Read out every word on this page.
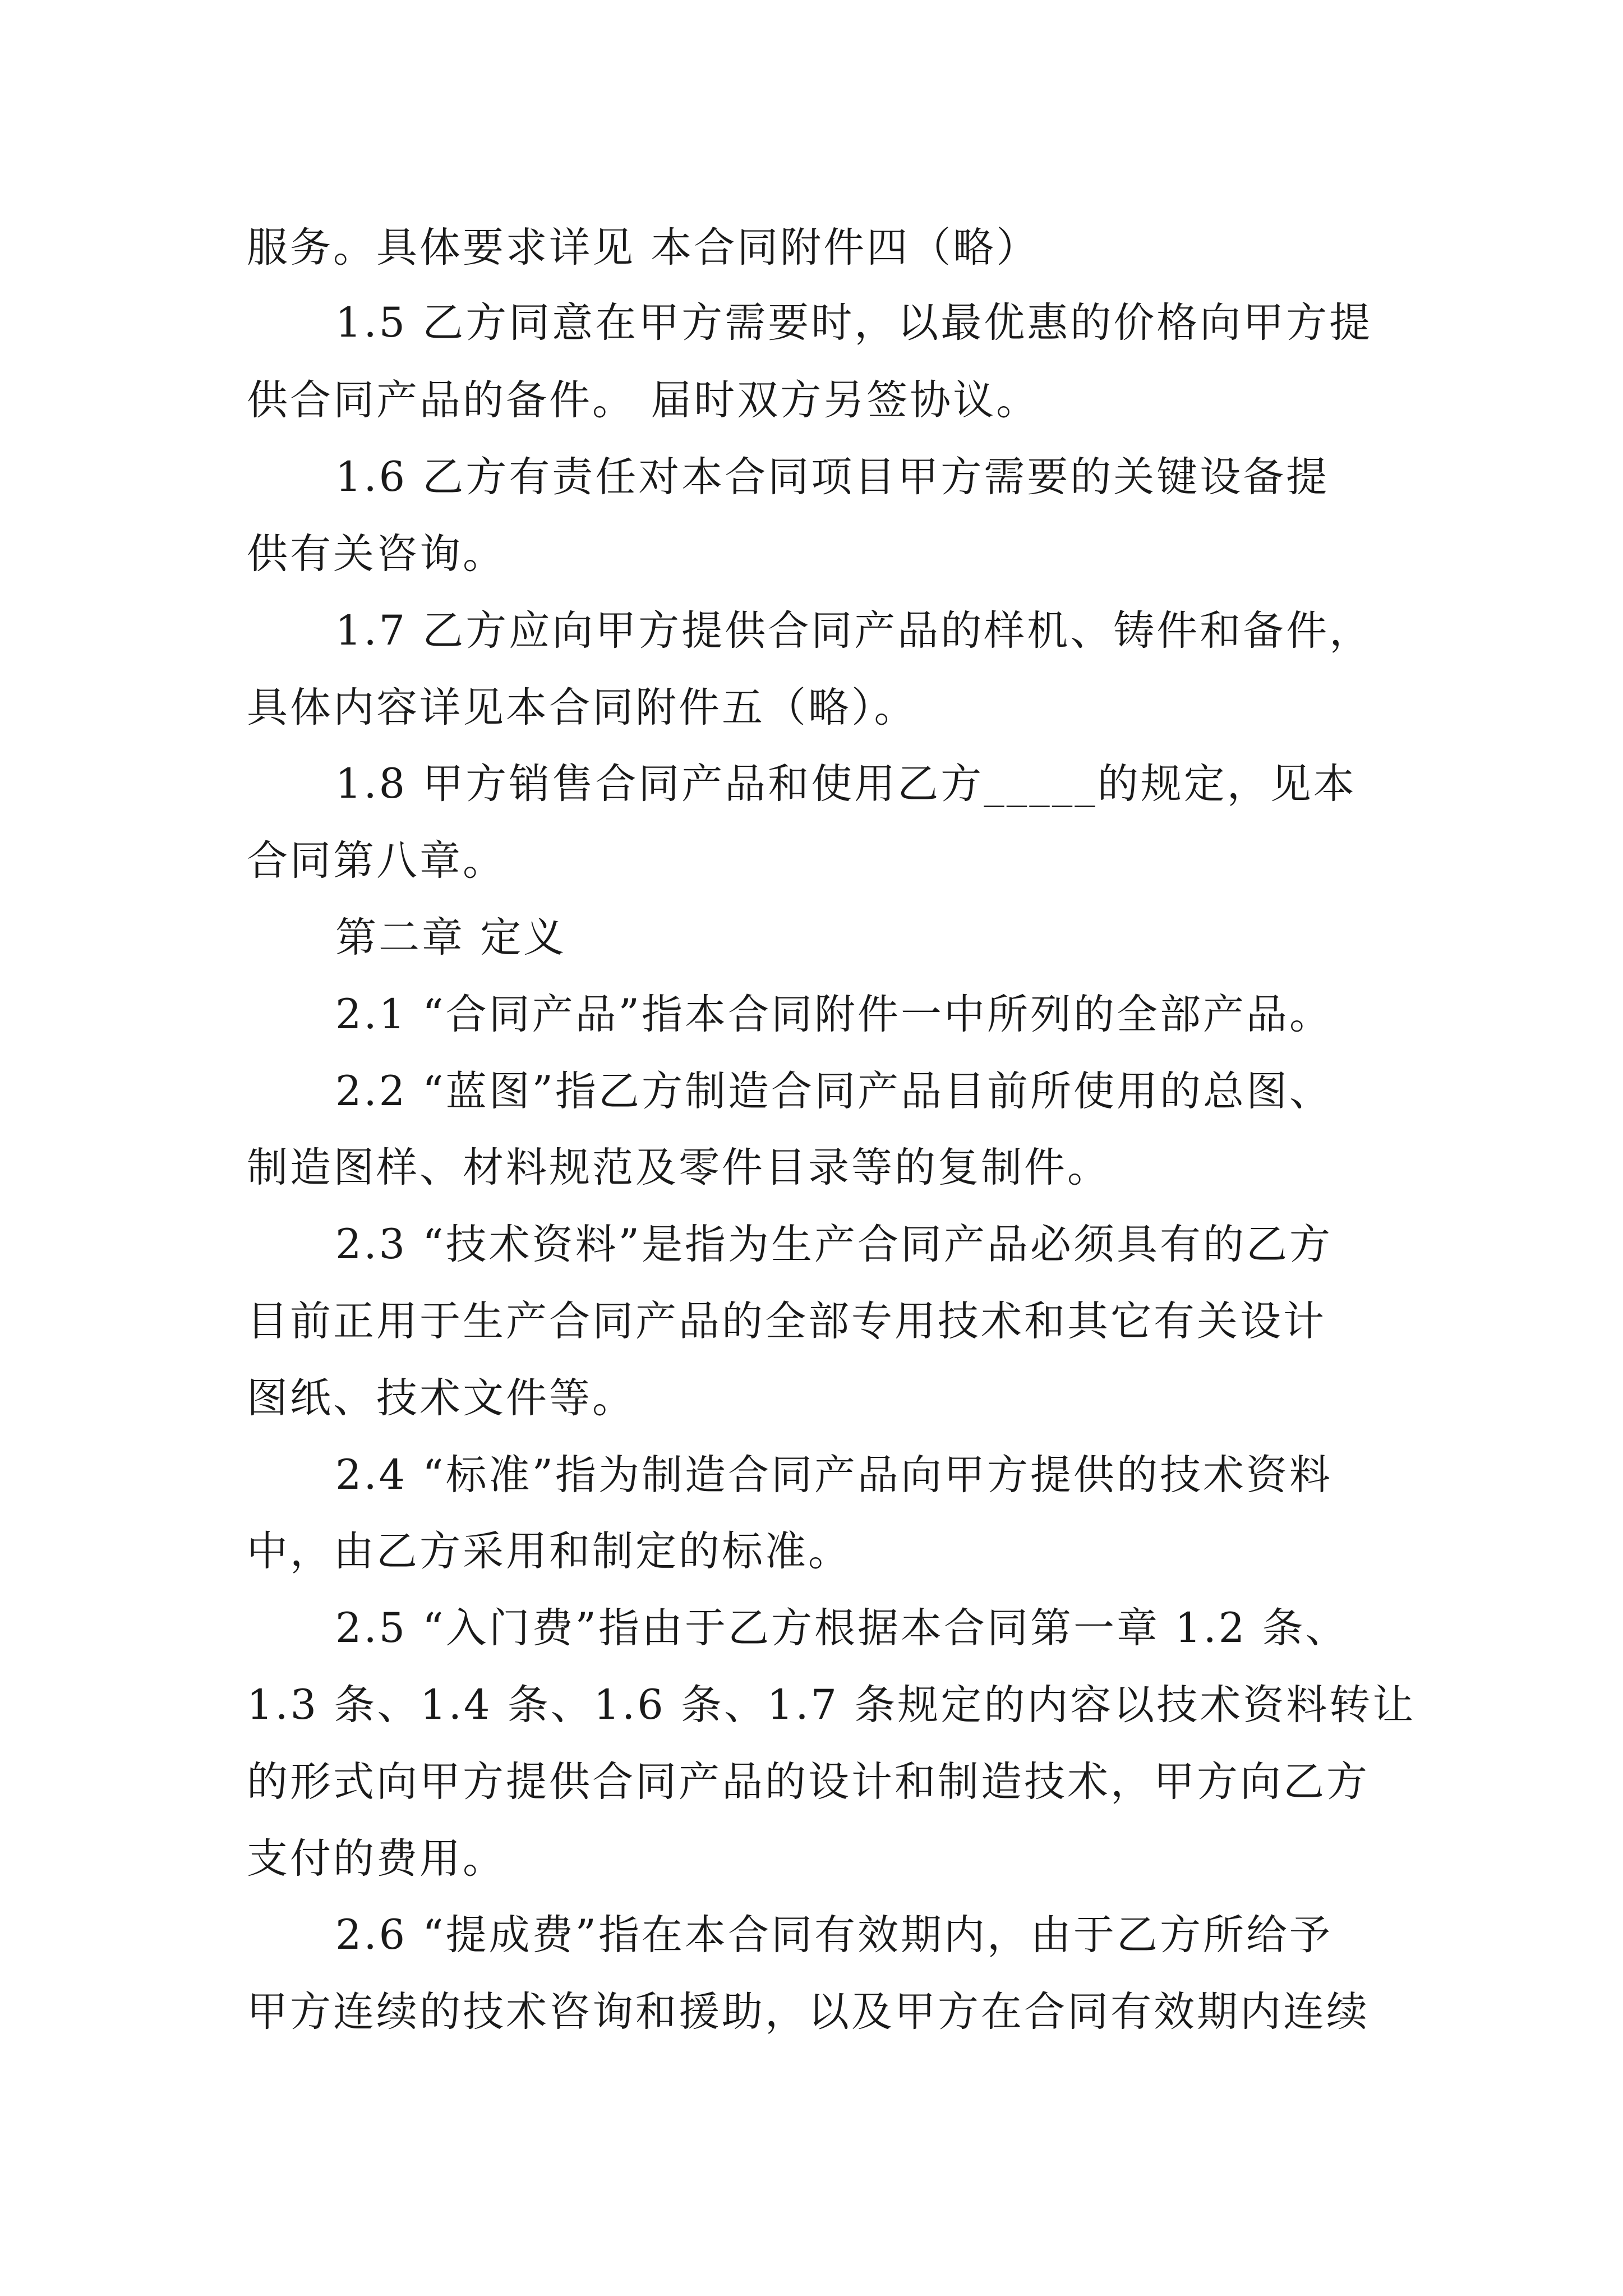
服务。具体要求详见 本合同附件四（略）
1.5 乙方同意在甲方需要时，以最优惠的价格向甲方提
供合同产品的备件。 届时双方另签协议。
1.6 乙方有责任对本合同项目甲方需要的关键设备提
供有关咨询。
1.7 乙方应向甲方提供合同产品的样机、铸件和备件，
具体内容详见本合同附件五（略）。
1.8 甲方销售合同产品和使用乙方_____的规定，见本
合同第八章。
第二章 定义
2.1 “合同产品”指本合同附件一中所列的全部产品。
2.2 “蓝图”指乙方制造合同产品目前所使用的总图、
制造图样、材料规范及零件目录等的复制件。
2.3 “技术资料”是指为生产合同产品必须具有的乙方
目前正用于生产合同产品的全部专用技术和其它有关设计
图纸、技术文件等。
2.4 “标准”指为制造合同产品向甲方提供的技术资料
中，由乙方采用和制定的标准。
2.5 “入门费”指由于乙方根据本合同第一章 1.2 条、
1.3 条、1.4 条、1.6 条、1.7 条规定的内容以技术资料转让
的形式向甲方提供合同产品的设计和制造技术，甲方向乙方
支付的费用。
2.6 “提成费”指在本合同有效期内，由于乙方所给予
甲方连续的技术咨询和援助，以及甲方在合同有效期内连续
